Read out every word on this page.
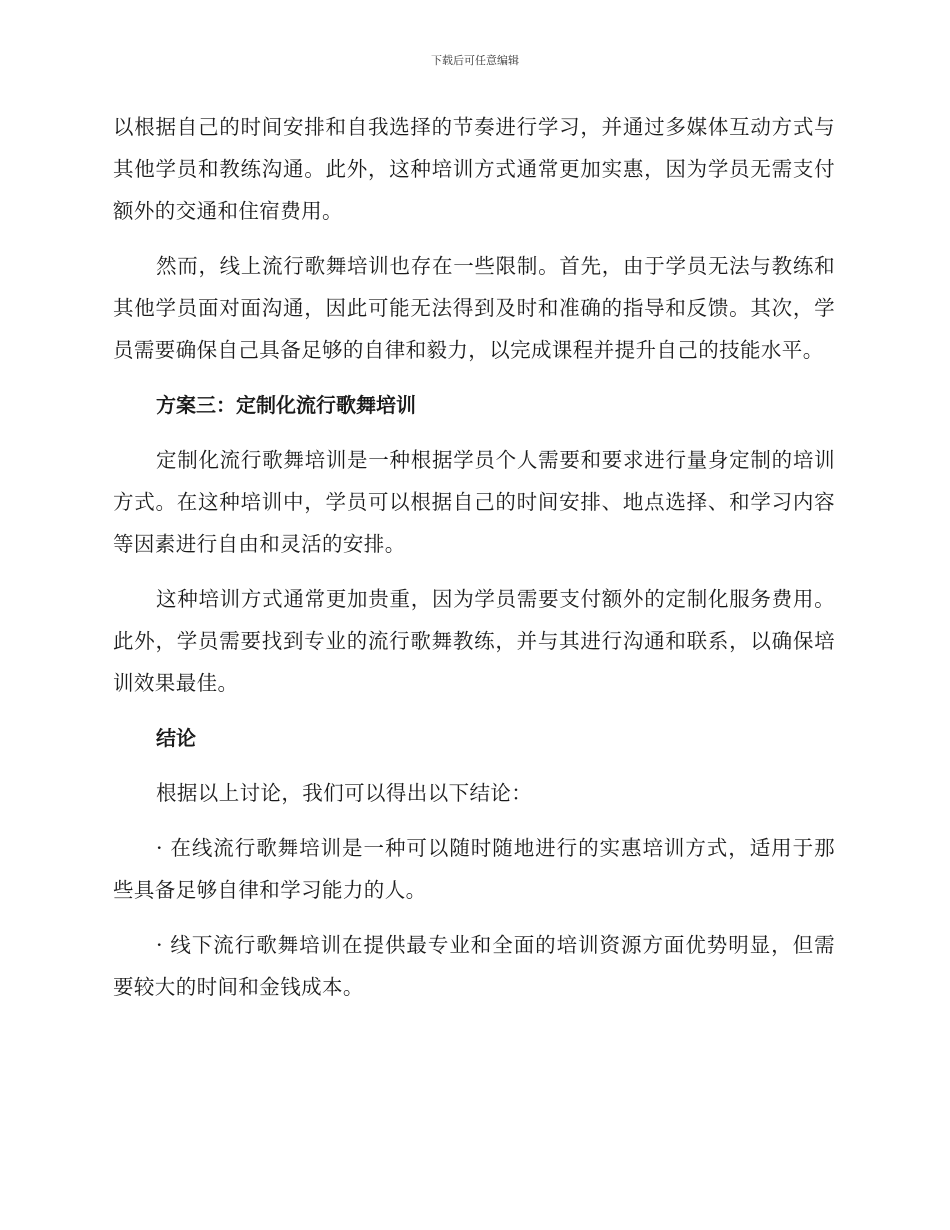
下载后可任意编辑

以根据自己的时间安排和自我选择的节奏进行学习，并通过多媒体互动方式与其他学员和教练沟通。此外，这种培训方式通常更加实惠，因为学员无需支付额外的交通和住宿费用。

然而，线上流行歌舞培训也存在一些限制。首先，由于学员无法与教练和其他学员面对面沟通，因此可能无法得到及时和准确的指导和反馈。其次，学员需要确保自己具备足够的自律和毅力，以完成课程并提升自己的技能水平。

方案三：定制化流行歌舞培训

定制化流行歌舞培训是一种根据学员个人需要和要求进行量身定制的培训方式。在这种培训中，学员可以根据自己的时间安排、地点选择、和学习内容等因素进行自由和灵活的安排。

这种培训方式通常更加贵重，因为学员需要支付额外的定制化服务费用。此外，学员需要找到专业的流行歌舞教练，并与其进行沟通和联系，以确保培训效果最佳。

结论

根据以上讨论，我们可以得出以下结论：

· 在线流行歌舞培训是一种可以随时随地进行的实惠培训方式，适用于那些具备足够自律和学习能力的人。

· 线下流行歌舞培训在提供最专业和全面的培训资源方面优势明显，但需要较大的时间和金钱成本。
